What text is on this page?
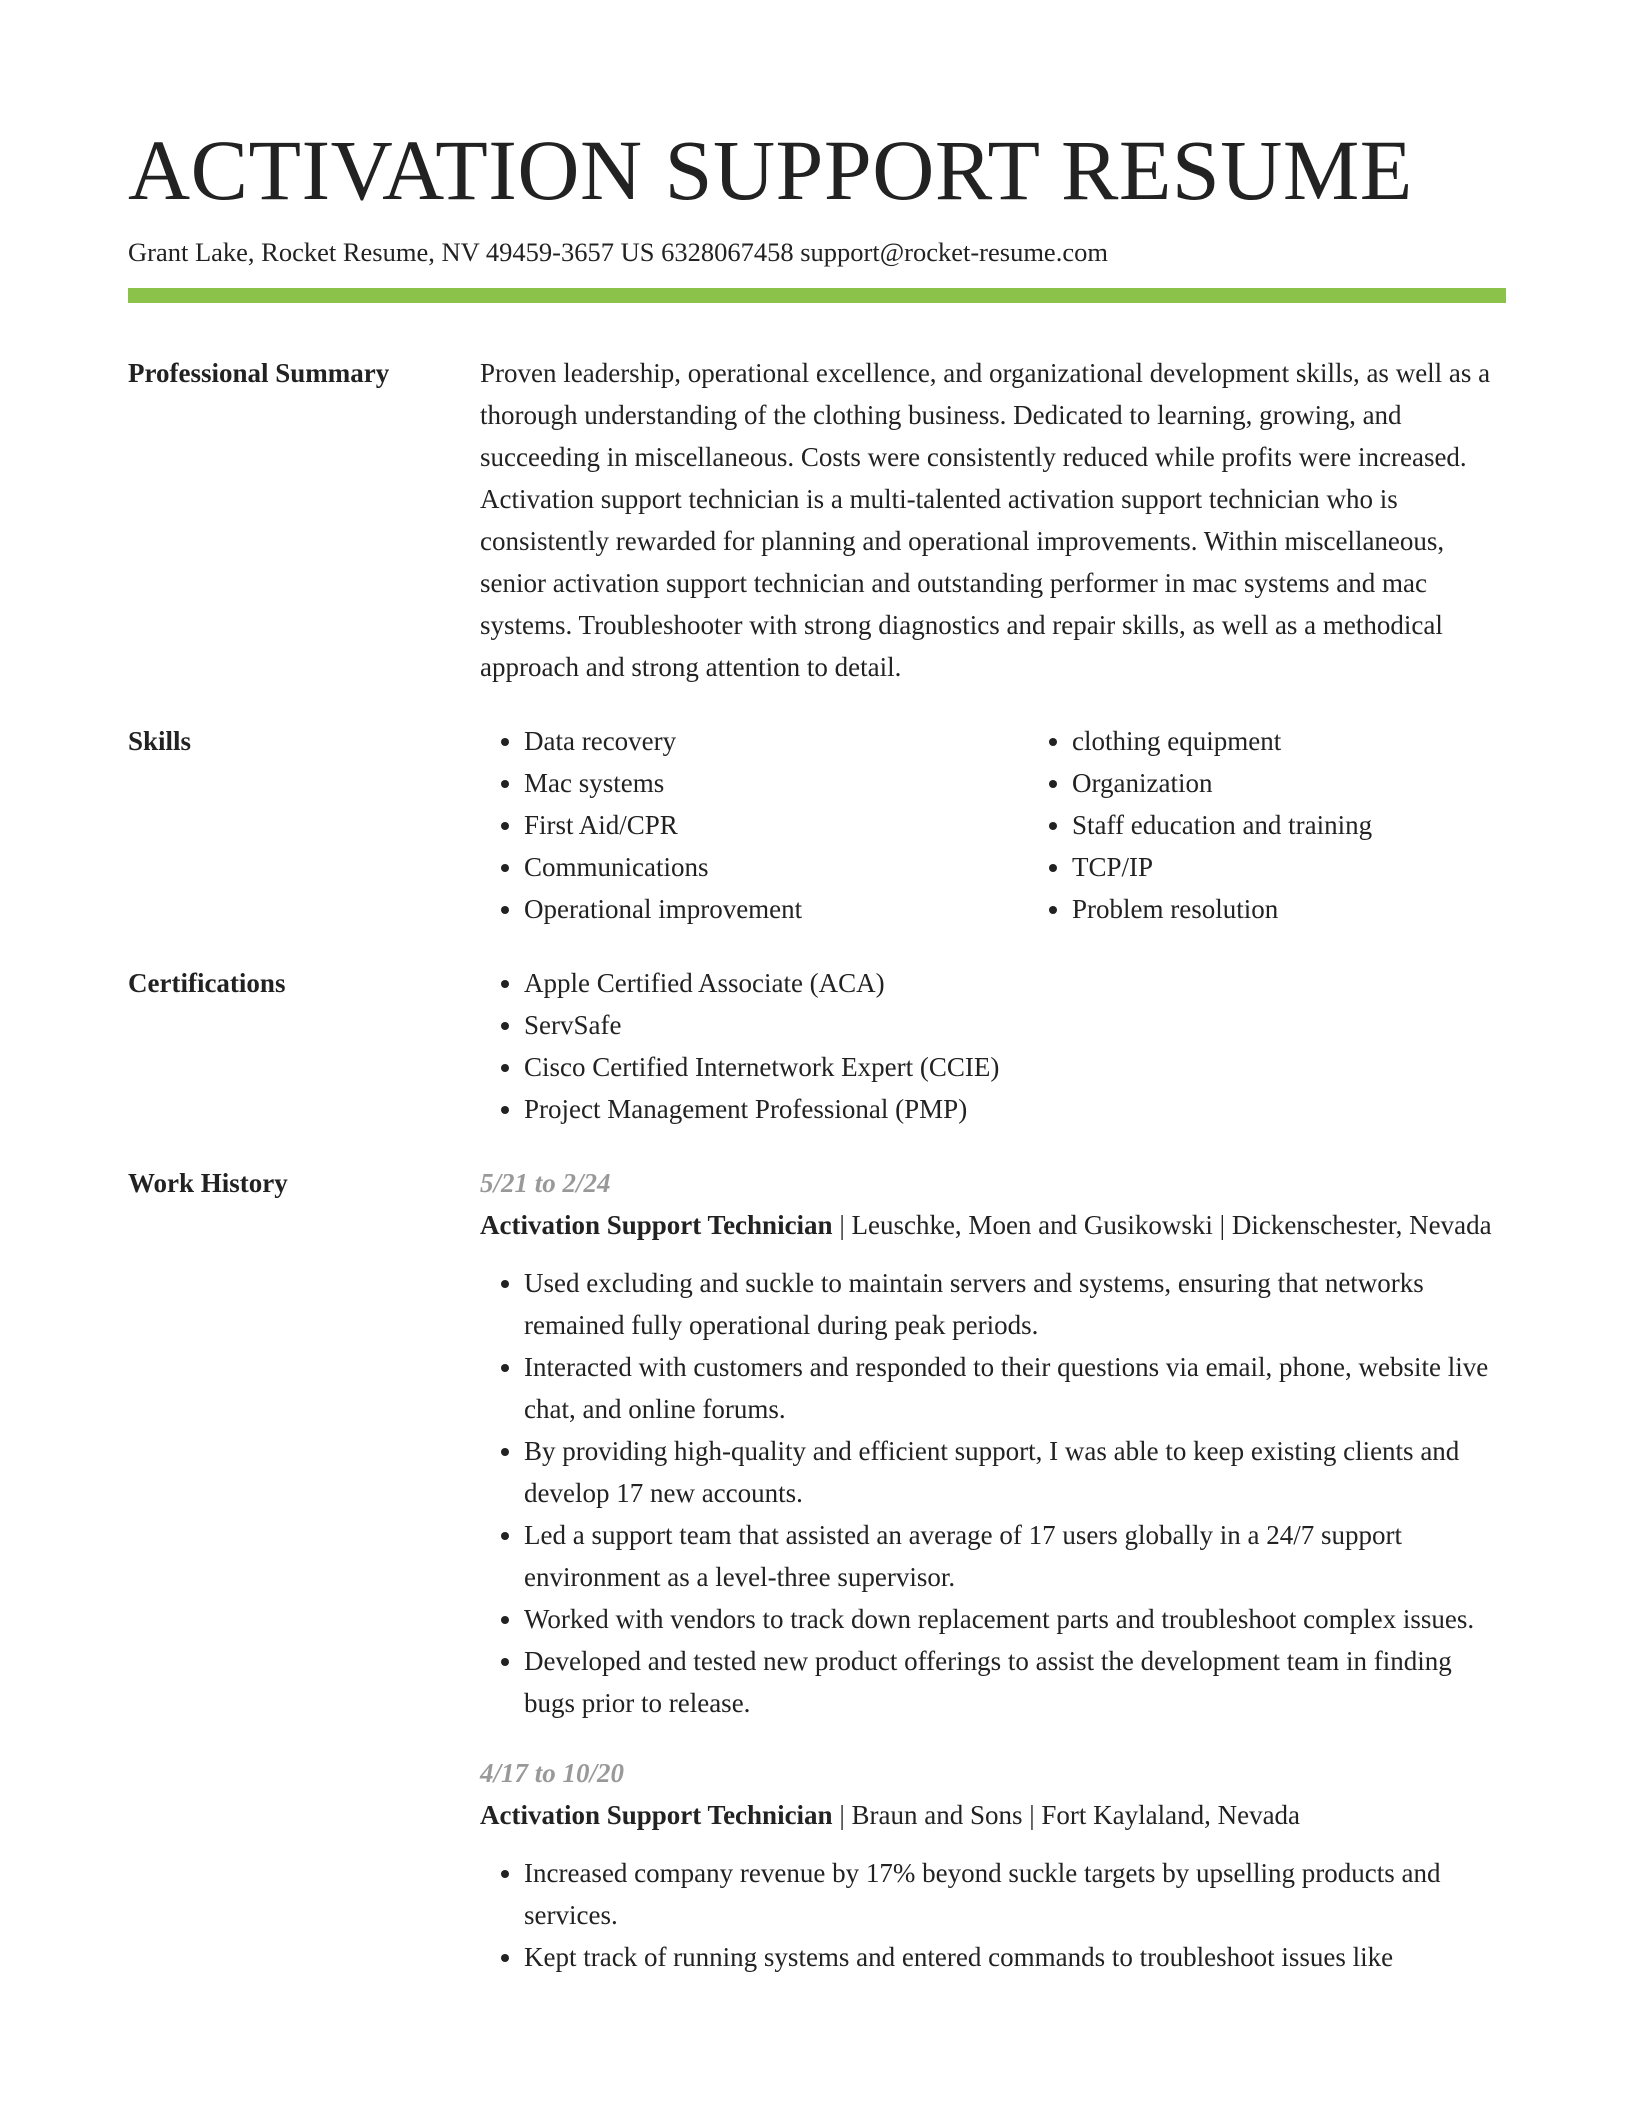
ACTIVATION SUPPORT RESUME
Grant Lake, Rocket Resume, NV 49459-3657 US 6328067458 support@rocket-resume.com
Professional Summary	Proven leadership, operational excellence, and organizational development skills, as well as a thorough understanding of the clothing business. Dedicated to learning, growing, and succeeding in miscellaneous. Costs were consistently reduced while profits were increased. Activation support technician is a multi-talented activation support technician who is consistently rewarded for planning and operational improvements. Within miscellaneous, senior activation support technician and outstanding performer in mac systems and mac systems. Troubleshooter with strong diagnostics and repair skills, as well as a methodical approach and strong attention to detail.

Skills	• Data recovery
• Mac systems
• First Aid/CPR
• Communications
• Operational improvement
• clothing equipment
• Organization
• Staff education and training
• TCP/IP
• Problem resolution
Certifications	• Apple Certified Associate (ACA)
• ServSafe
• Cisco Certified Internetwork Expert (CCIE)
• Project Management Professional (PMP)
Work History	5/21 to 2/24

Activation Support Technician | Leuschke, Moen and Gusikowski | Dickenschester, Nevada

• Used excluding and suckle to maintain servers and systems, ensuring that networks remained fully operational during peak periods.
• Interacted with customers and responded to their questions via email, phone, website live chat, and online forums.
• By providing high-quality and efficient support, I was able to keep existing clients and develop 17 new accounts.
• Led a support team that assisted an average of 17 users globally in a 24/7 support environment as a level-three supervisor.
• Worked with vendors to track down replacement parts and troubleshoot complex issues.
• Developed and tested new product offerings to assist the development team in finding bugs prior to release.
4/17 to 10/20

Activation Support Technician | Braun and Sons | Fort Kaylaland, Nevada

• Increased company revenue by 17% beyond suckle targets by upselling products and services.
• Kept track of running systems and entered commands to troubleshoot issues like
